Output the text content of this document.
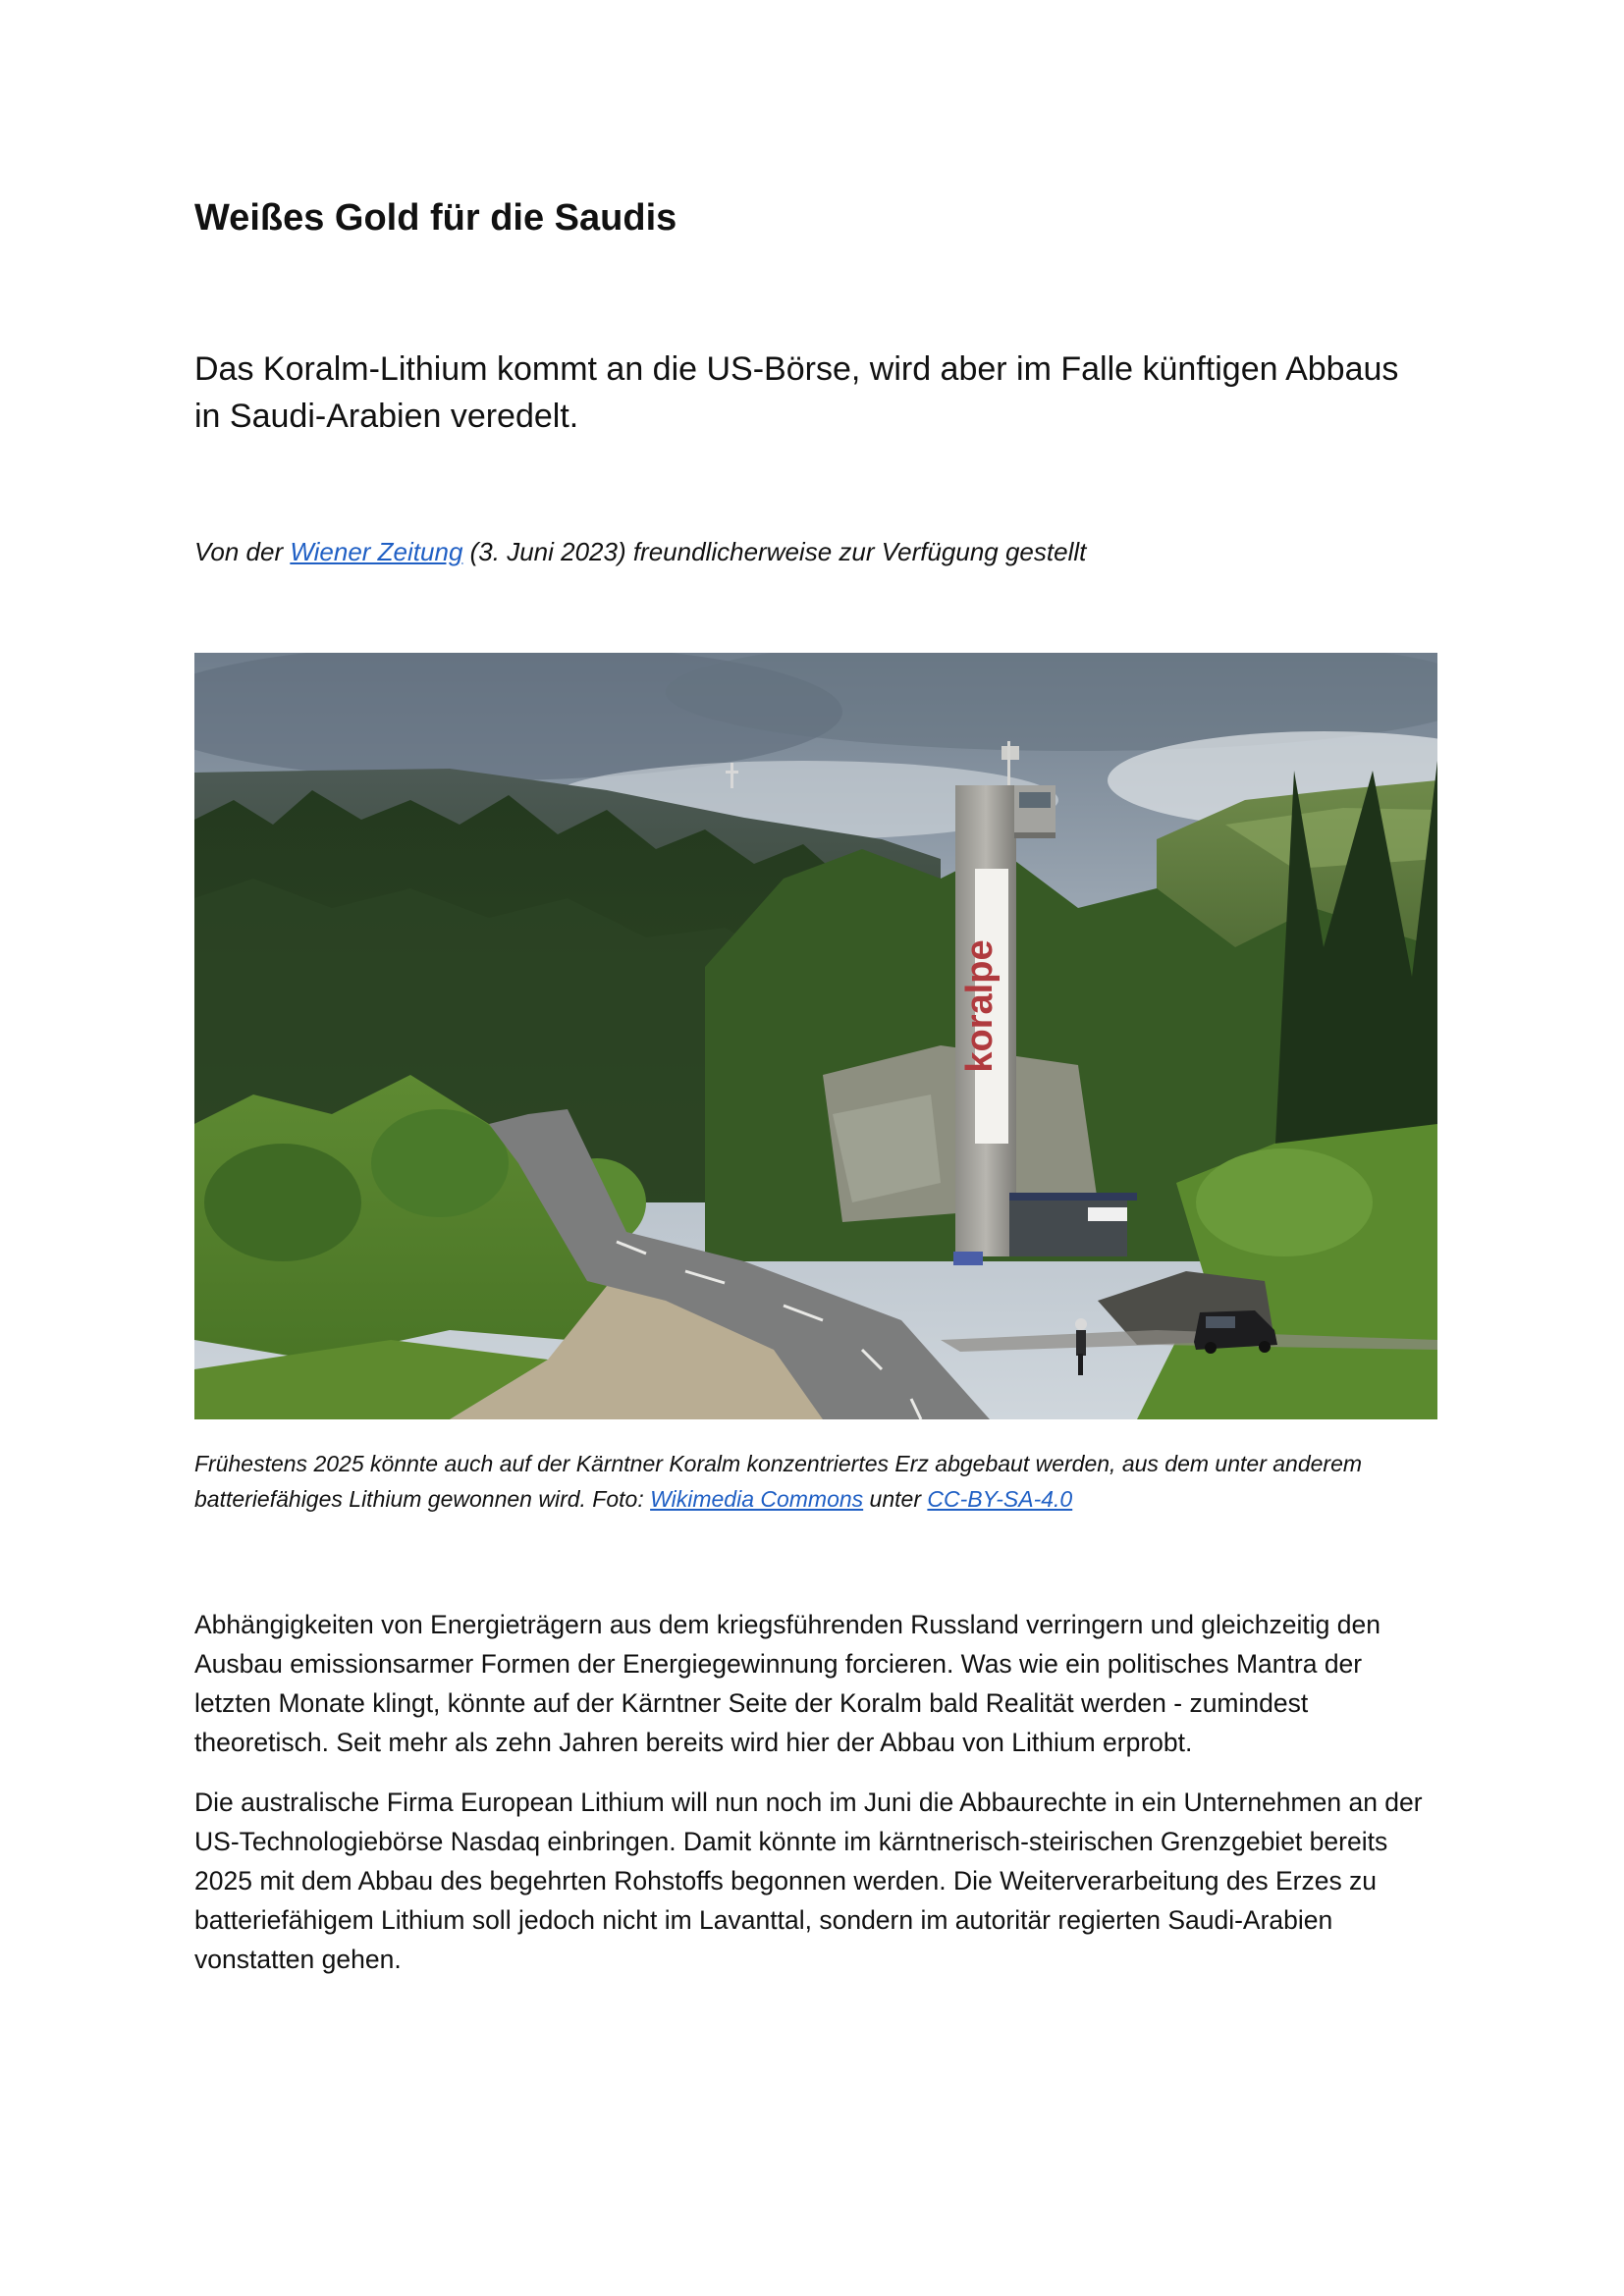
Weißes Gold für die Saudis
Das Koralm-Lithium kommt an die US-Börse, wird aber im Falle künftigen Abbaus in Saudi-Arabien veredelt.

Von der Wiener Zeitung (3. Juni 2023) freundlicherweise zur Verfügung gestellt

koralpe

Frühestens 2025 könnte auch auf der Kärntner Koralm konzentriertes Erz abgebaut werden, aus dem unter anderem batteriefähiges Lithium gewonnen wird. Foto: Wikimedia Commons unter CC-BY-SA-4.0

Abhängigkeiten von Energieträgern aus dem kriegsführenden Russland verringern und gleichzeitig den Ausbau emissionsarmer Formen der Energiegewinnung forcieren. Was wie ein politisches Mantra der letzten Monate klingt, könnte auf der Kärntner Seite der Koralm bald Realität werden - zumindest theoretisch. Seit mehr als zehn Jahren bereits wird hier der Abbau von Lithium erprobt.

Die australische Firma European Lithium will nun noch im Juni die Abbaurechte in ein Unternehmen an der US-Technologiebörse Nasdaq einbringen. Damit könnte im kärntnerisch-steirischen Grenzgebiet bereits 2025 mit dem Abbau des begehrten Rohstoffs begonnen werden. Die Weiterverarbeitung des Erzes zu batteriefähigem Lithium soll jedoch nicht im Lavanttal, sondern im autoritär regierten Saudi-Arabien vonstatten gehen.
